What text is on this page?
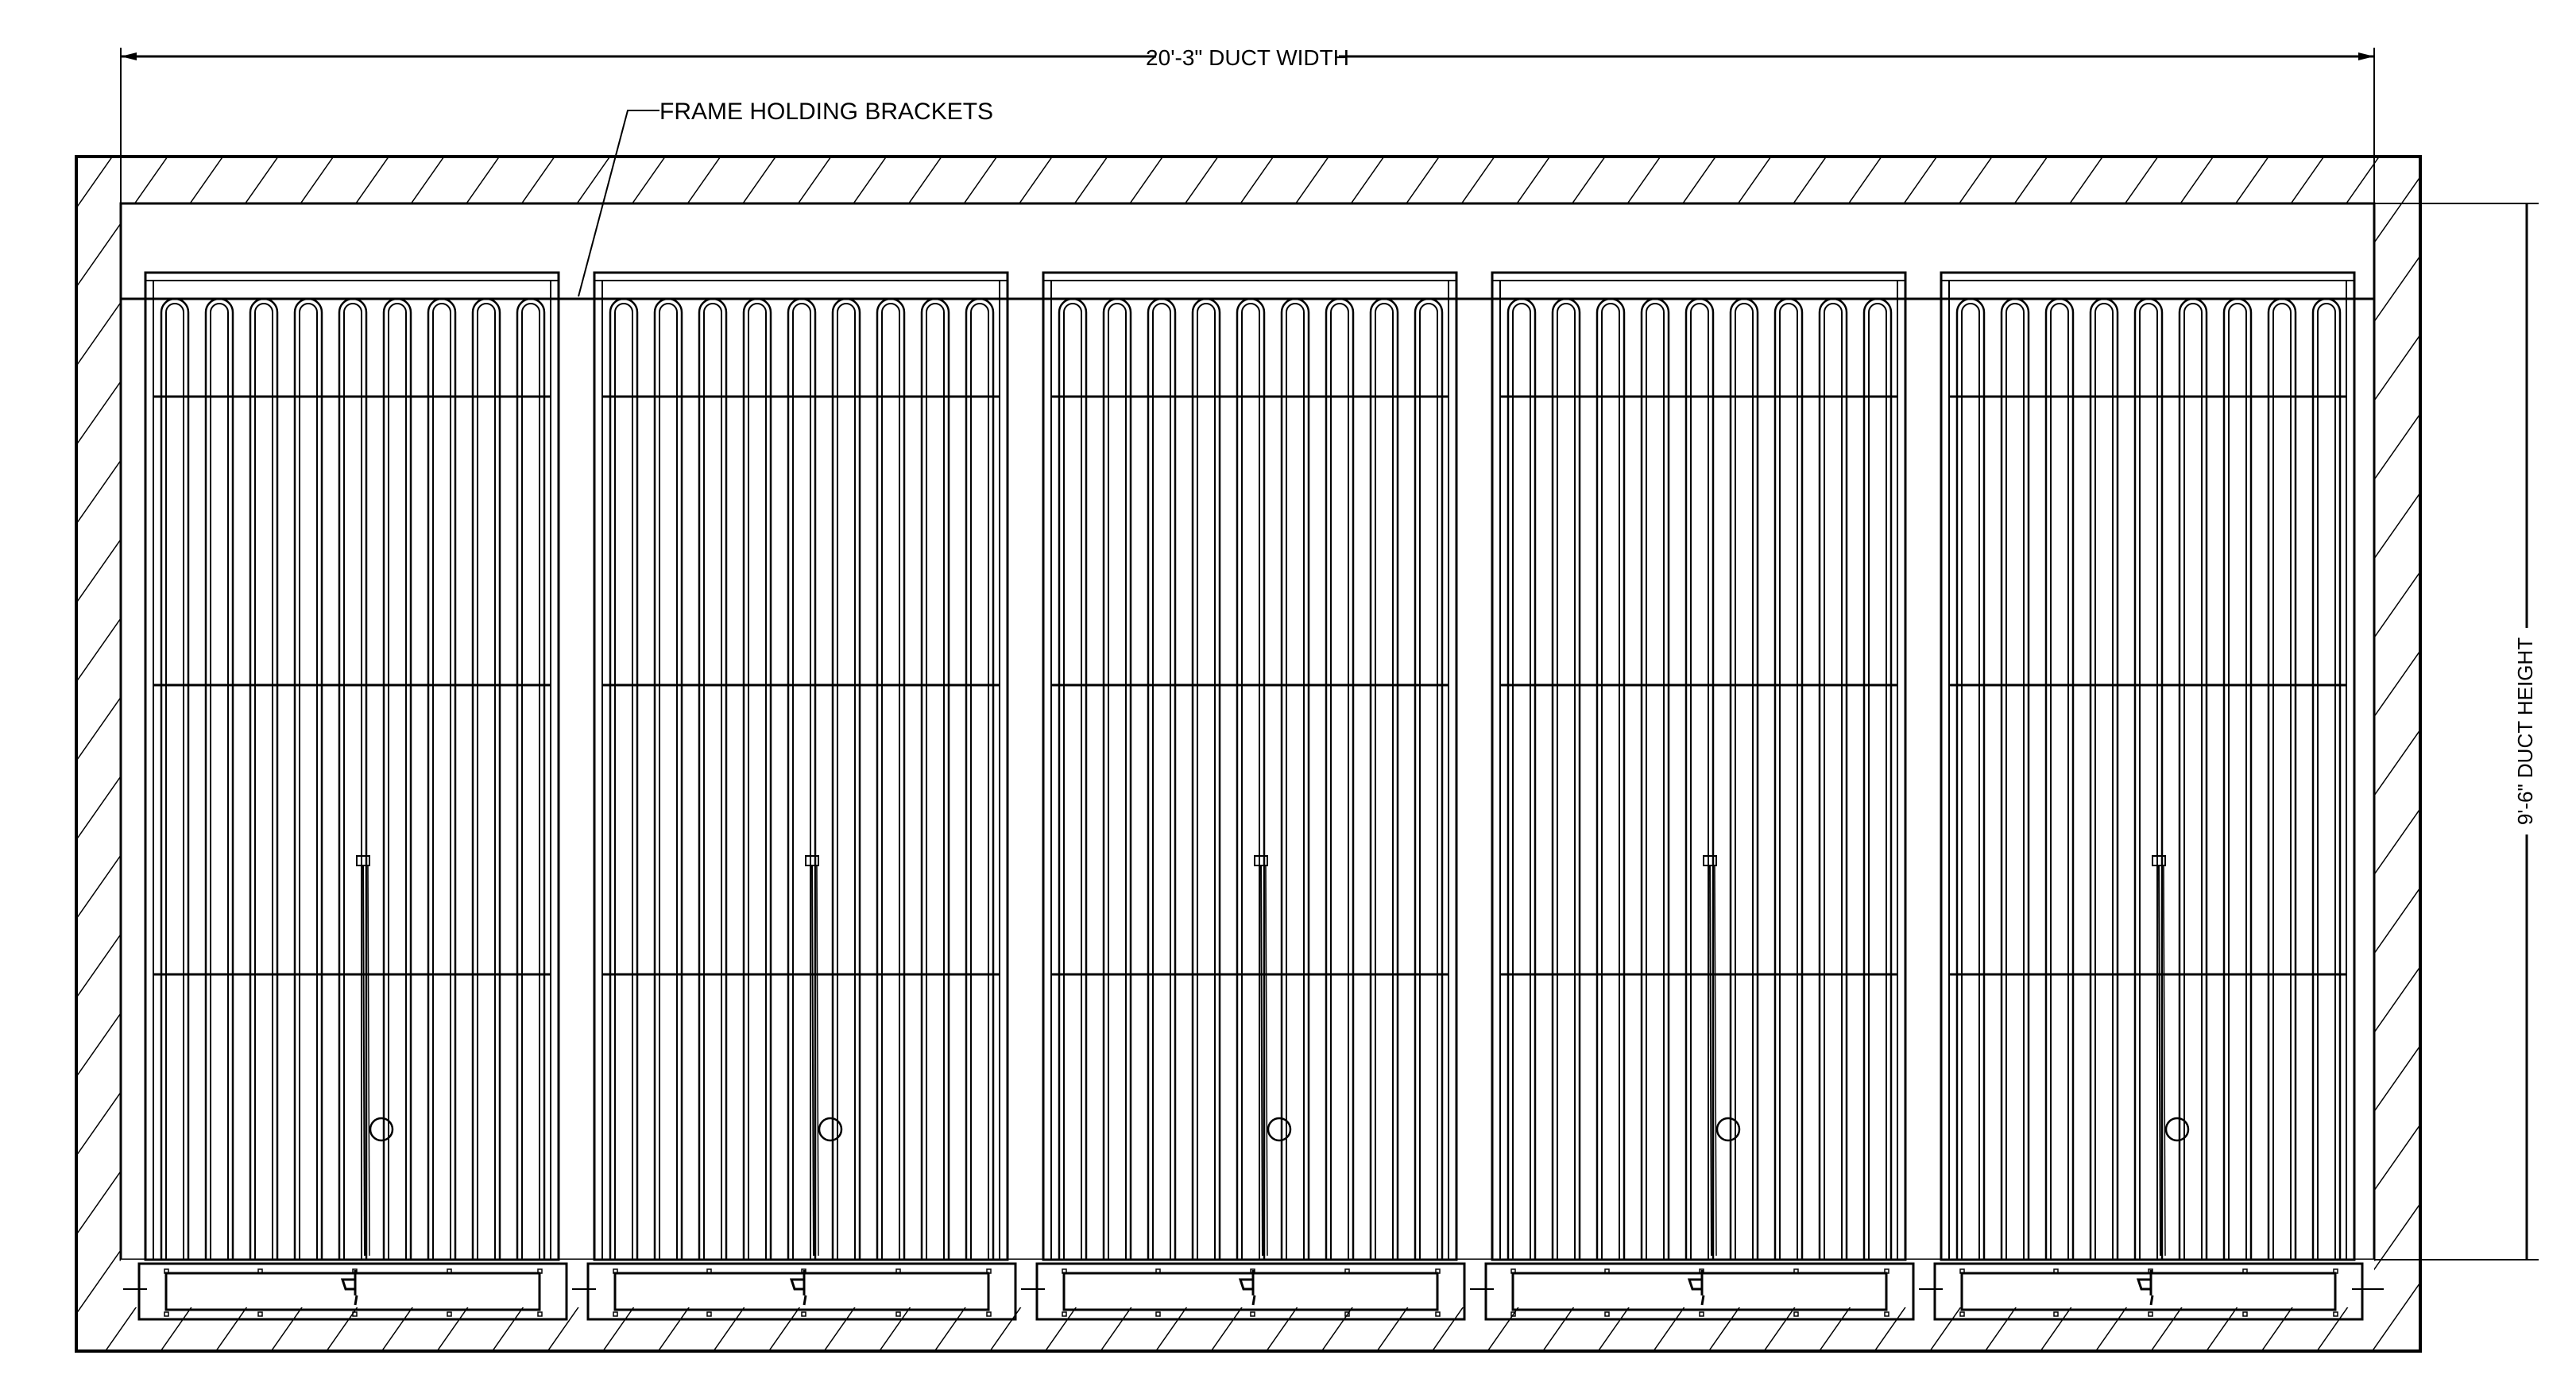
20'-3" DUCT WIDTH
9'-6" DUCT HEIGHT
FRAME HOLDING BRACKETS
